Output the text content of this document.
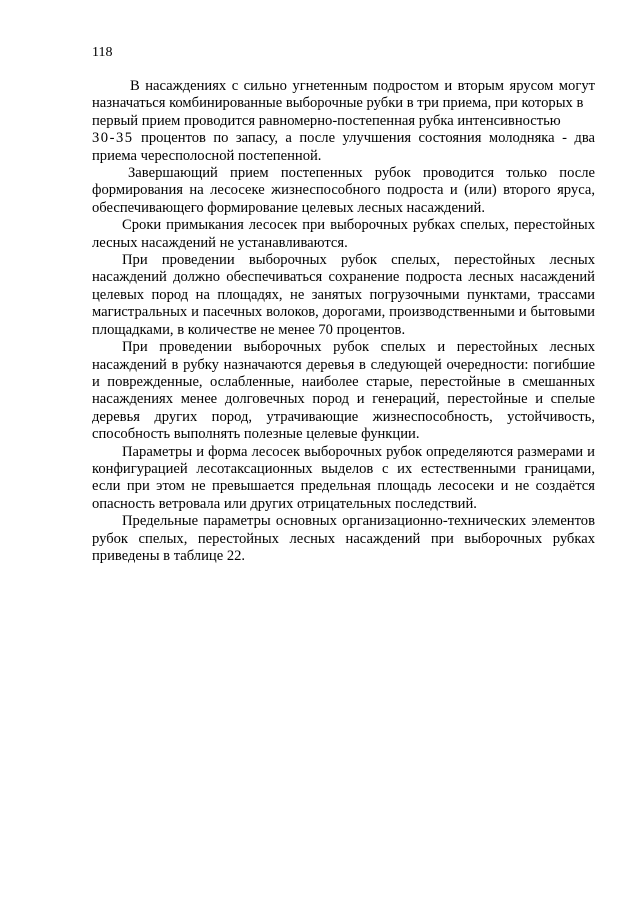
118

В насаждениях с сильно угнетенным подростом и вторым ярусом могут назначаться комбинированные выборочные рубки в три приема, при которых в

первый прием проводится равномерно-постепенная рубка интенсивностью

30-35 процентов по запасу, а после улучшения состояния молодняка - два приема чересполосной постепенной.

Завершающий прием постепенных рубок проводится только после формирования на лесосеке жизнеспособного подроста и (или) второго яруса, обеспечивающего формирование целевых лесных насаждений.

Сроки примыкания лесосек при выборочных рубках спелых, перестойных лесных насаждений не устанавливаются.

При проведении выборочных рубок спелых, перестойных лесных насаждений должно обеспечиваться сохранение подроста лесных насаждений целевых пород на площадях, не занятых погрузочными пунктами, трассами магистральных и пасечных волоков, дорогами, производственными и бытовыми площадками, в количестве не менее 70 процентов.

При проведении выборочных рубок спелых и перестойных лесных насаждений в рубку назначаются деревья в следующей очередности: погибшие и поврежденные, ослабленные, наиболее старые, перестойные в смешанных насаждениях менее долговечных пород и генераций, перестойные и спелые деревья других пород, утрачивающие жизнеспособность, устойчивость, способность выполнять полезные целевые функции.

Параметры и форма лесосек выборочных рубок определяются размерами и конфигурацией лесотаксационных выделов с их естественными границами, если при этом не превышается предельная площадь лесосеки и не создаётся опасность ветровала или других отрицательных последствий.

Предельные параметры основных организационно-технических элементов рубок спелых, перестойных лесных насаждений при выборочных рубках приведены в таблице 22.
